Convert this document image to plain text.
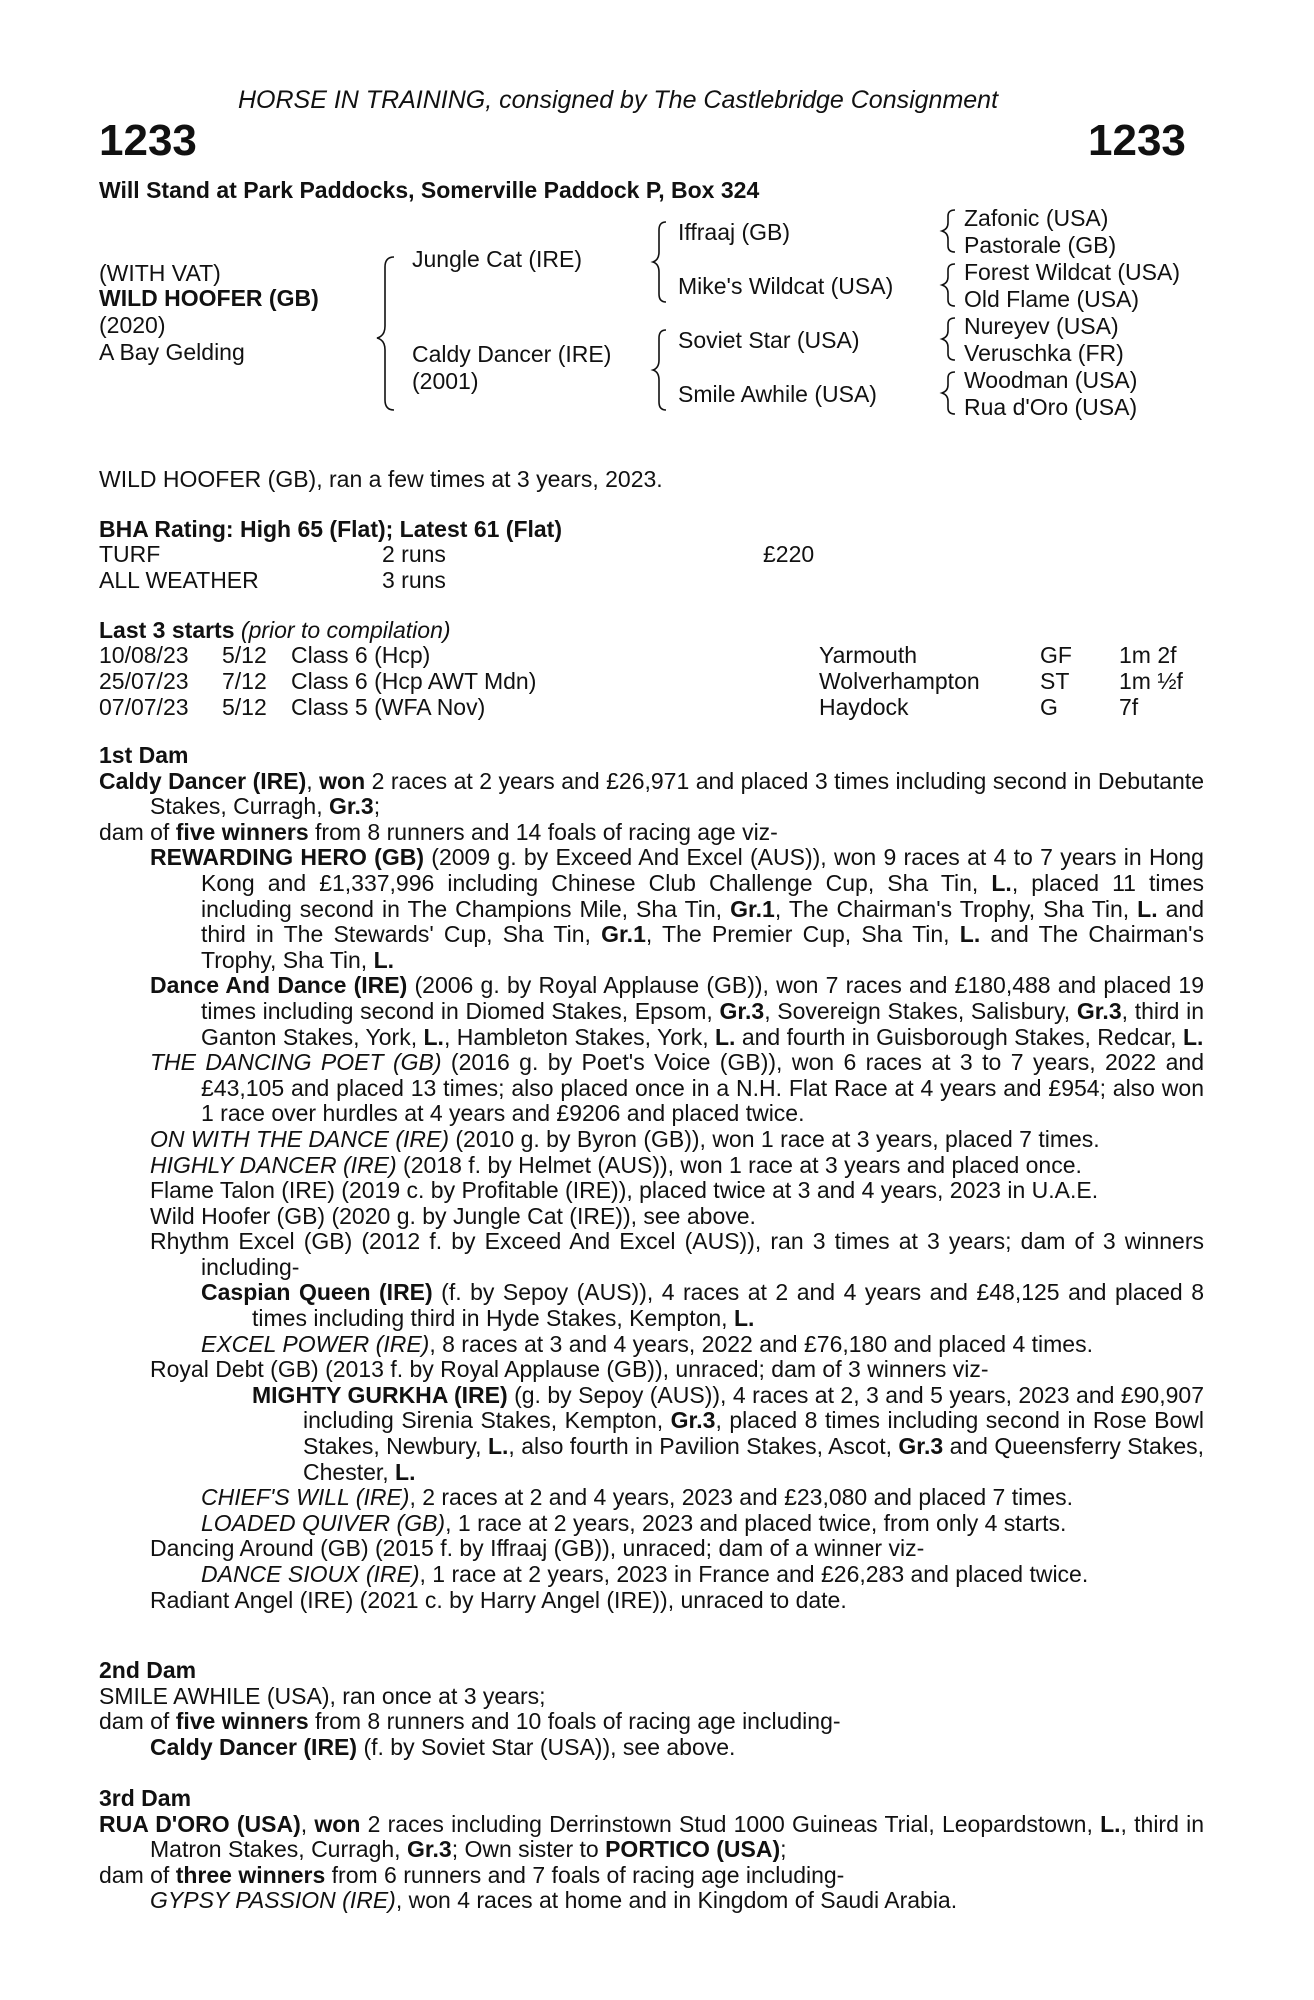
HORSE IN TRAINING, consigned by The Castlebridge Consignment
1233	1233
Will Stand at Park Paddocks, Somerville Paddock P, Box 324
(WITH VAT)
WILD HOOFER (GB)
(2020)
A Bay Gelding
Jungle Cat (IRE)
Caldy Dancer (IRE)
(2001)
Iffraaj (GB)
Mike's Wildcat (USA)
Soviet Star (USA)
Smile Awhile (USA)
Zafonic (USA)
Pastorale (GB)
Forest Wildcat (USA)
Old Flame (USA)
Nureyev (USA)
Veruschka (FR)
Woodman (USA)
Rua d'Oro (USA)
WILD HOOFER (GB), ran a few times at 3 years, 2023.
BHA Rating: High 65 (Flat); Latest 61 (Flat)
TURF	2 runs	£220
ALL WEATHER	3 runs
Last 3 starts (prior to compilation)
10/08/23 5/12 Class 6 (Hcp)	Yarmouth	GF 1m 2f
25/07/23 7/12 Class 6 (Hcp AWT Mdn)	Wolverhampton	ST 1m ½f
07/07/23 5/12 Class 5 (WFA Nov)	Haydock	G	7f

1st Dam

Caldy Dancer (IRE), won 2 races at 2 years and £26,971 and placed 3 times including second in Debutante Stakes, Curragh, Gr.3;

dam of five winners from 8 runners and 14 foals of racing age viz-

REWARDING HERO (GB) (2009 g. by Exceed And Excel (AUS)), won 9 races at 4 to 7 years in Hong Kong and £1,337,996 including Chinese Club Challenge Cup, Sha Tin, L., placed 11 times including second in The Champions Mile, Sha Tin, Gr.1, The Chairman's Trophy, Sha Tin, L. and third in The Stewards' Cup, Sha Tin, Gr.1, The Premier Cup, Sha Tin, L. and The Chairman's Trophy, Sha Tin, L.

Dance And Dance (IRE) (2006 g. by Royal Applause (GB)), won 7 races and £180,488 and placed 19 times including second in Diomed Stakes, Epsom, Gr.3, Sovereign Stakes, Salisbury, Gr.3, third in Ganton Stakes, York, L., Hambleton Stakes, York, L. and fourth in Guisborough Stakes, Redcar, L.

THE DANCING POET (GB) (2016 g. by Poet's Voice (GB)), won 6 races at 3 to 7 years, 2022 and £43,105 and placed 13 times; also placed once in a N.H. Flat Race at 4 years and £954; also won 1 race over hurdles at 4 years and £9206 and placed twice.

ON WITH THE DANCE (IRE) (2010 g. by Byron (GB)), won 1 race at 3 years, placed 7 times.

HIGHLY DANCER (IRE) (2018 f. by Helmet (AUS)), won 1 race at 3 years and placed once.

Flame Talon (IRE) (2019 c. by Profitable (IRE)), placed twice at 3 and 4 years, 2023 in U.A.E.

Wild Hoofer (GB) (2020 g. by Jungle Cat (IRE)), see above.

Rhythm Excel (GB) (2012 f. by Exceed And Excel (AUS)), ran 3 times at 3 years; dam of 3 winners including-

Caspian Queen (IRE) (f. by Sepoy (AUS)), 4 races at 2 and 4 years and £48,125 and placed 8 times including third in Hyde Stakes, Kempton, L.

EXCEL POWER (IRE), 8 races at 3 and 4 years, 2022 and £76,180 and placed 4 times.

Royal Debt (GB) (2013 f. by Royal Applause (GB)), unraced; dam of 3 winners viz-

MIGHTY GURKHA (IRE) (g. by Sepoy (AUS)), 4 races at 2, 3 and 5 years, 2023 and £90,907 including Sirenia Stakes, Kempton, Gr.3, placed 8 times including second in Rose Bowl Stakes, Newbury, L., also fourth in Pavilion Stakes, Ascot, Gr.3 and Queensferry Stakes, Chester, L.

CHIEF'S WILL (IRE), 2 races at 2 and 4 years, 2023 and £23,080 and placed 7 times.

LOADED QUIVER (GB), 1 race at 2 years, 2023 and placed twice, from only 4 starts.

Dancing Around (GB) (2015 f. by Iffraaj (GB)), unraced; dam of a winner viz-

DANCE SIOUX (IRE), 1 race at 2 years, 2023 in France and £26,283 and placed twice.

Radiant Angel (IRE) (2021 c. by Harry Angel (IRE)), unraced to date.

2nd Dam

SMILE AWHILE (USA), ran once at 3 years;

dam of five winners from 8 runners and 10 foals of racing age including-

Caldy Dancer (IRE) (f. by Soviet Star (USA)), see above.

3rd Dam

RUA D'ORO (USA), won 2 races including Derrinstown Stud 1000 Guineas Trial, Leopardstown, L., third in Matron Stakes, Curragh, Gr.3; Own sister to PORTICO (USA);

dam of three winners from 6 runners and 7 foals of racing age including-

GYPSY PASSION (IRE), won 4 races at home and in Kingdom of Saudi Arabia.
